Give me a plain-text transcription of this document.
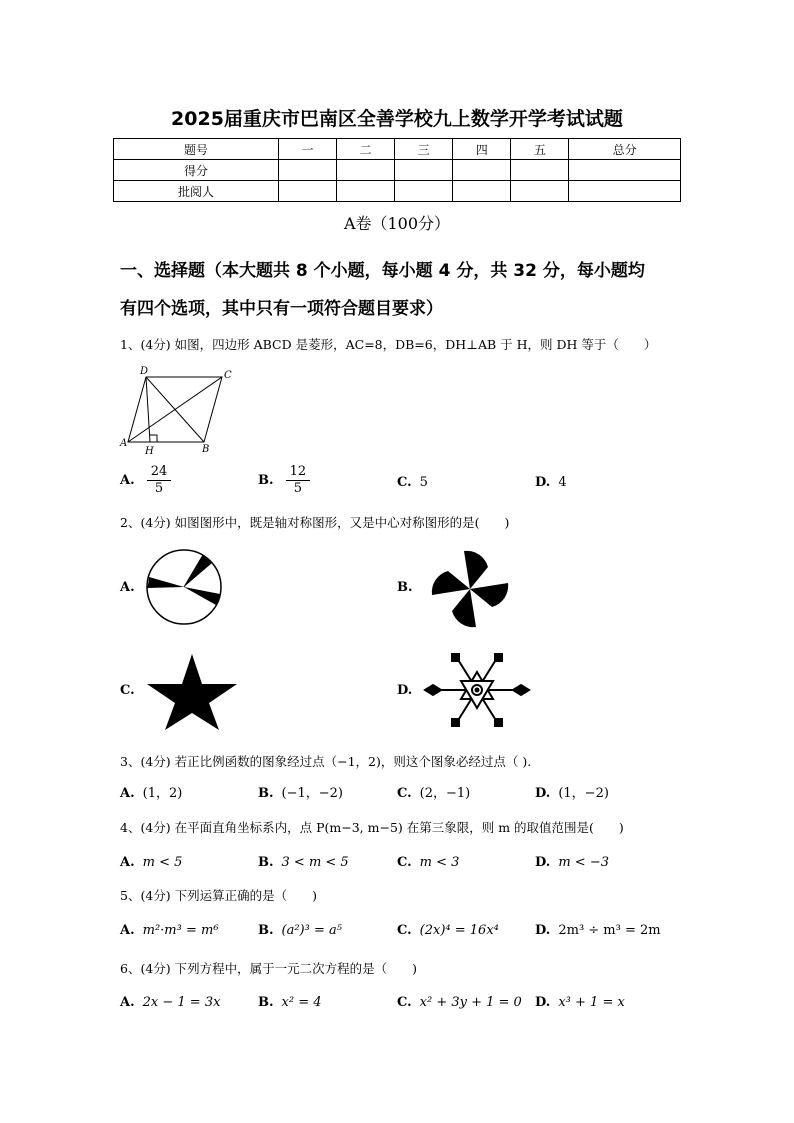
2025届重庆市巴南区全善学校九上数学开学考试试题
题号	一	二	三	四	五	总分
得分						
批阅人						
A卷（100分）
一、选择题（本大题共 8 个小题，每小题 4 分，共 32 分，每小题均
有四个选项，其中只有一项符合题目要求）
1、(4分) 如图，四边形 ABCD 是菱形，AC=8，DB=6，DH⊥AB 于 H，则 DH 等于（　　）
D	C
A
H	B
A. $\frac{24}{5}$	B. $\frac{12}{5}$	C. 5	D. 4
2、(4分) 如图图形中，既是轴对称图形，又是中心对称图形的是(　　)
A.	B.
C.	D.
3、(4分) 若正比例函数的图象经过点（−1，2)，则这个图象必经过点（ ).
A. (1，2)	B. (−1，−2)	C. (2，−1)	D. (1，−2)
4、(4分) 在平面直角坐标系内，点 P(m−3, m−5) 在第三象限，则 m 的取值范围是(　　)
A. m < 5	B. 3 < m < 5	C. m < 3	D. m < −3
5、(4分) 下列运算正确的是（　　)
A. m²·m³ = m⁶	B. (a²)³ = a⁵	C. (2x)⁴ = 16x⁴	D. 2m³ ÷ m³ = 2m
6、(4分) 下列方程中，属于一元二次方程的是（　　)
A. 2x − 1 = 3x	B. x² = 4	C. x² + 3y + 1 = 0 D. x³ + 1 = x
